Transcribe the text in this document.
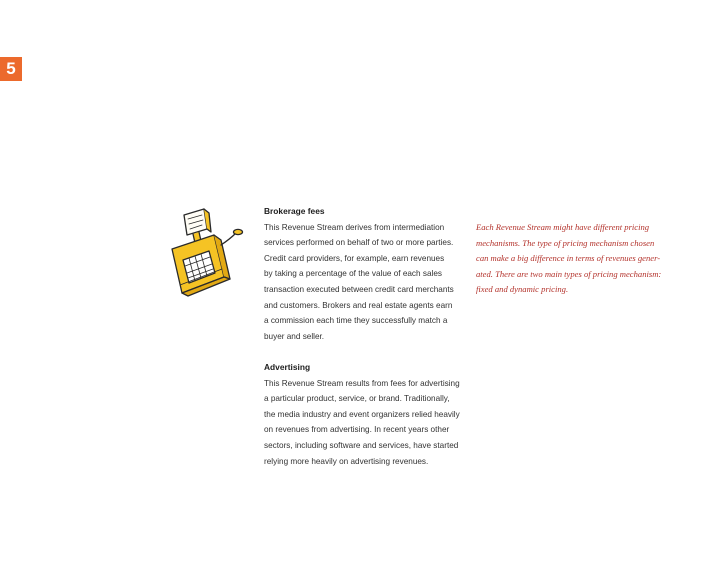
5

Brokerage fees

This Revenue Stream derives from intermediation

services performed on behalf of two or more parties.

Credit card providers, for example, earn revenues

by taking a percentage of the value of each sales

transaction executed between credit card merchants

and customers. Brokers and real estate agents earn

a commission each time they successfully match a

buyer and seller.

Advertising

This Revenue Stream results from fees for advertising

a particular product, service, or brand. Traditionally,

the media industry and event organizers relied heavily

on revenues from advertising. In recent years other

sectors, including software and services, have started

relying more heavily on advertising revenues.

Each Revenue Stream might have different pricing

mechanisms. The type of pricing mechanism chosen

can make a big difference in terms of revenues gener-

ated. There are two main types of pricing mechanism:

fixed and dynamic pricing.
